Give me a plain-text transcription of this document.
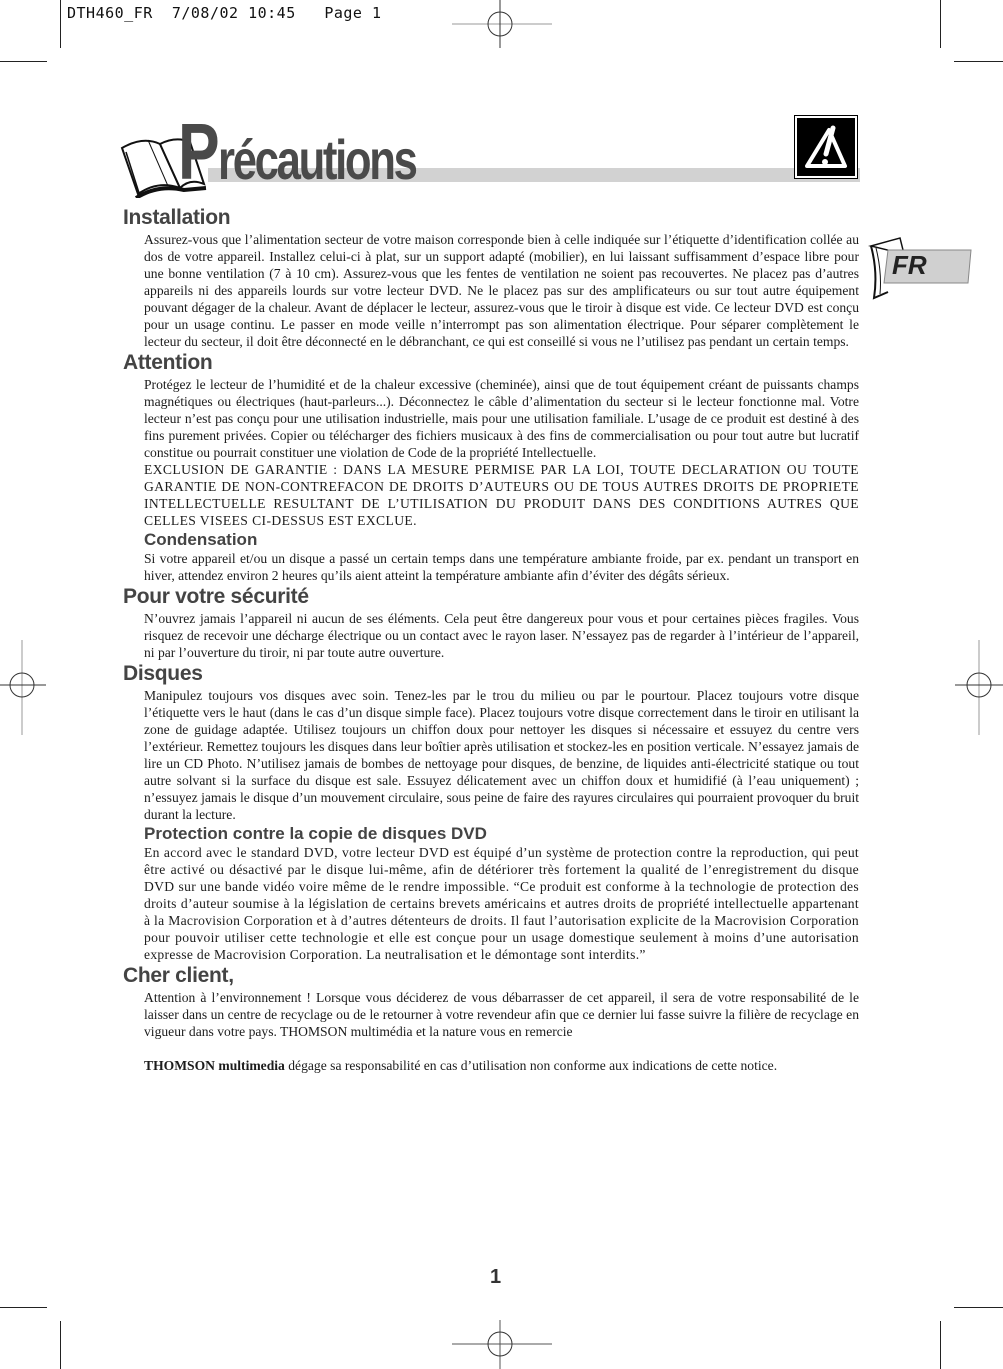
DTH460_FR  7/08/02 10:45   Page 1
Précautions
FR
Installation

Assurez-vous que l’alimentation secteur de votre maison corresponde bien à celle indiquée sur l’étiquette d’identification collée au dos de votre appareil. Installez celui-ci à plat, sur un support adapté (mobilier), en lui laissant suffisamment d’espace libre pour une bonne ventilation (7 à 10 cm). Assurez-vous que les fentes de ventilation ne soient pas recouvertes. Ne placez pas d’autres appareils ni des appareils lourds sur votre lecteur DVD. Ne le placez pas sur des amplificateurs ou sur tout autre équipement pouvant dégager de la chaleur. Avant de déplacer le lecteur, assurez-vous que le tiroir à disque est vide. Ce lecteur DVD est conçu pour un usage continu. Le passer en mode veille n’interrompt pas son alimentation électrique. Pour séparer complètement le lecteur du secteur, il doit être déconnecté en le débranchant, ce qui est conseillé si vous ne l’utilisez pas pendant un certain temps.

Attention

Protégez le lecteur de l’humidité et de la chaleur excessive (cheminée), ainsi que de tout équipement créant de puissants champs magnétiques ou électriques (haut-parleurs...). Déconnectez le câble d’alimentation du secteur si le lecteur fonctionne mal. Votre lecteur n’est pas conçu pour une utilisation industrielle, mais pour une utilisation familiale. L’usage de ce produit est destiné à des fins purement privées. Copier ou télécharger des fichiers musicaux à des fins de commercialisation ou pour tout autre but lucratif constitue ou pourrait constituer une violation de Code de la propriété Intellectuelle.

EXCLUSION DE GARANTIE : DANS LA MESURE PERMISE PAR LA LOI, TOUTE DECLARATION OU TOUTE GARANTIE DE NON-CONTREFACON DE DROITS D’AUTEURS OU DE TOUS AUTRES DROITS DE PROPRIETE INTELLECTUELLE RESULTANT DE L’UTILISATION DU PRODUIT DANS DES CONDITIONS AUTRES QUE CELLES VISEES CI-DESSUS EST EXCLUE.

Condensation

Si votre appareil et/ou un disque a passé un certain temps dans une température ambiante froide, par ex. pendant un transport en hiver, attendez environ 2 heures qu’ils aient atteint la température ambiante afin d’éviter des dégâts sérieux.

Pour votre sécurité

N’ouvrez jamais l’appareil ni aucun de ses éléments. Cela peut être dangereux pour vous et pour certaines pièces fragiles. Vous risquez de recevoir une décharge électrique ou un contact avec le rayon laser. N’essayez pas de regarder à l’intérieur de l’appareil, ni par l’ouverture du tiroir, ni par toute autre ouverture.

Disques

Manipulez toujours vos disques avec soin. Tenez-les par le trou du milieu ou par le pourtour. Placez toujours votre disque l’étiquette vers le haut (dans le cas d’un disque simple face). Placez toujours votre disque correctement dans le tiroir en utilisant la zone de guidage adaptée. Utilisez toujours un chiffon doux pour nettoyer les disques si nécessaire et essuyez du centre vers l’extérieur. Remettez toujours les disques dans leur boîtier après utilisation et stockez-les en position verticale. N’essayez jamais de lire un CD Photo. N’utilisez jamais de bombes de nettoyage pour disques, de benzine, de liquides anti-électricité statique ou tout autre solvant si la surface du disque est sale. Essuyez délicatement avec un chiffon doux et humidifié (à l’eau uniquement) ; n’essuyez jamais le disque d’un mouvement circulaire, sous peine de faire des rayures circulaires qui pourraient provoquer du bruit durant la lecture.

Protection contre la copie de disques DVD

En accord avec le standard DVD, votre lecteur DVD est équipé d’un système de protection contre la reproduction, qui peut être activé ou désactivé par le disque lui-même, afin de détériorer très fortement la qualité de l’enregistrement du disque DVD sur une bande vidéo voire même de le rendre impossible. “Ce produit est conforme à la technologie de protection des droits d’auteur soumise à la législation de certains brevets américains et autres droits de propriété intellectuelle appartenant à la Macrovision Corporation et à d’autres détenteurs de droits. Il faut l’autorisation explicite de la Macrovision Corporation pour pouvoir utiliser cette technologie et elle est conçue pour un usage domestique seulement à moins d’une autorisation expresse de Macrovision Corporation. La neutralisation et le démontage sont interdits.”

Cher client,

Attention à l’environnement ! Lorsque vous déciderez de vous débarrasser de cet appareil, il sera de votre responsabilité de le laisser dans un centre de recyclage ou de le retourner à votre revendeur afin que ce dernier lui fasse suivre la filière de recyclage en vigueur dans votre pays. THOMSON multimédia et la nature vous en remercie

THOMSON multimedia dégage sa responsabilité en cas d’utilisation non conforme aux indications de cette notice.

1
